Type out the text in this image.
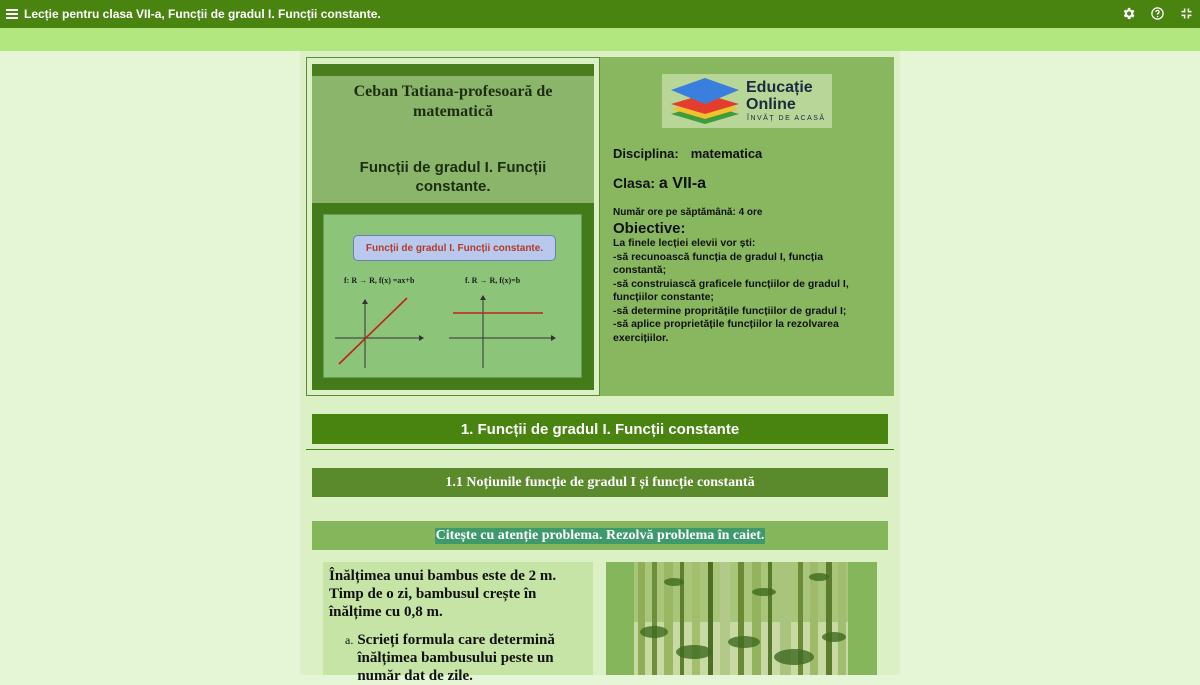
Lecție pentru clasa VII-a, Funcții de gradul I. Funcții constante.
Ceban Tatiana-profesoară de matematică
Funcții de gradul I. Funcții constante.
Funcții de gradul I. Funcții constante.
f: R → R, f(x) =ax+b	f. R → R, f(x)=b
Educație
Online
ÎNVĂȚ DE ACASĂ
Disciplina: matematica
Clasa: a VII-a
Număr ore pe săptămână: 4 ore
Obiective:
La finele lecției elevii vor ști:
-să recunoască funcția de gradul I, funcția constantă;
-să construiască graficele funcțiilor de gradul I, funcțiilor constante;
-să determine propritățile funcțiilor de gradul I;
-să aplice proprietățile funcțiilor la rezolvarea exercițiilor.
1. Funcții de gradul I. Funcții constante
1.1 Noțiunile funcție de gradul I și funcție constantă
Citește cu atenție problema. Rezolvă problema în caiet.
Înălțimea unui bambus este de 2 m. Timp de o zi, bambusul crește în înălțime cu 0,8 m.
a. Scrieți formula care determină înălțimea bambusului peste un număr dat de zile.
